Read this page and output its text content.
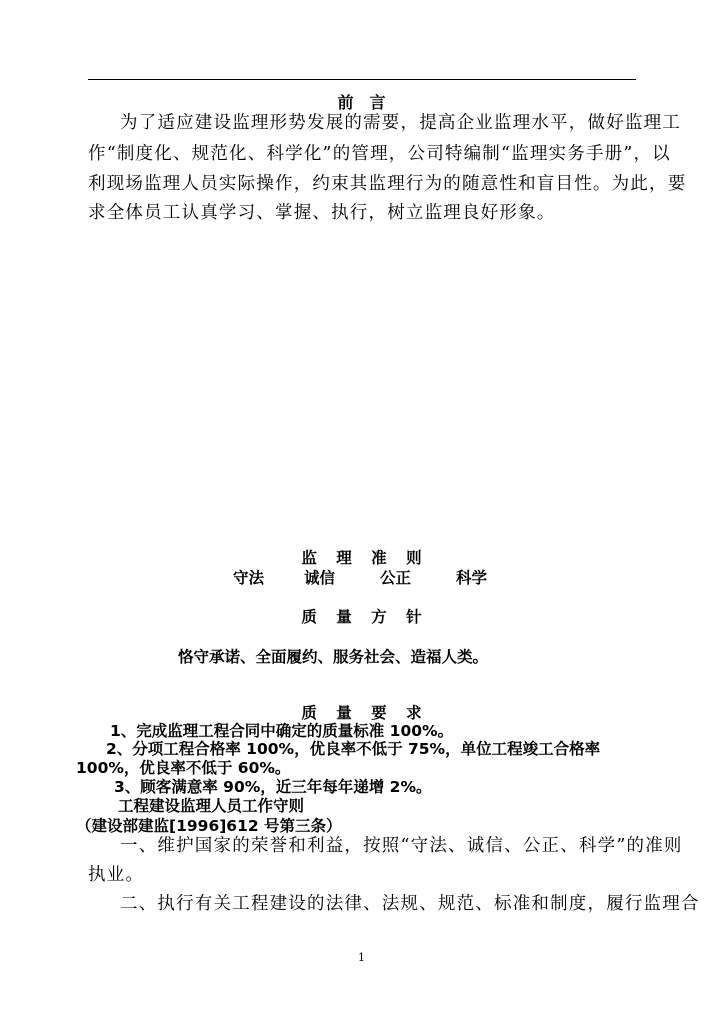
前　言
为了适应建设监理形势发展的需要，提高企业监理水平，做好监理工
作“制度化、规范化、科学化”的管理，公司特编制“监理实务手册”，以
利现场监理人员实际操作，约束其监理行为的随意性和盲目性。为此，要
求全体员工认真学习、掌握、执行，树立监理良好形象。
监 理 准 则
守法	诚信	公正	科学
质 量 方 针
恪守承诺、全面履约、服务社会、造福人类。
质 量 要 求
1、完成监理工程合同中确定的质量标准 100%。
2、分项工程合格率 100%，优良率不低于 75%，单位工程竣工合格率
100%，优良率不低于 60%。
3、顾客满意率 90%，近三年每年递增 2%。
工程建设监理人员工作守则
（建设部建监[1996]612 号第三条）
一、维护国家的荣誉和利益，按照“守法、诚信、公正、科学”的准则
执业。
二、执行有关工程建设的法律、法规、规范、标准和制度，履行监理合
1
